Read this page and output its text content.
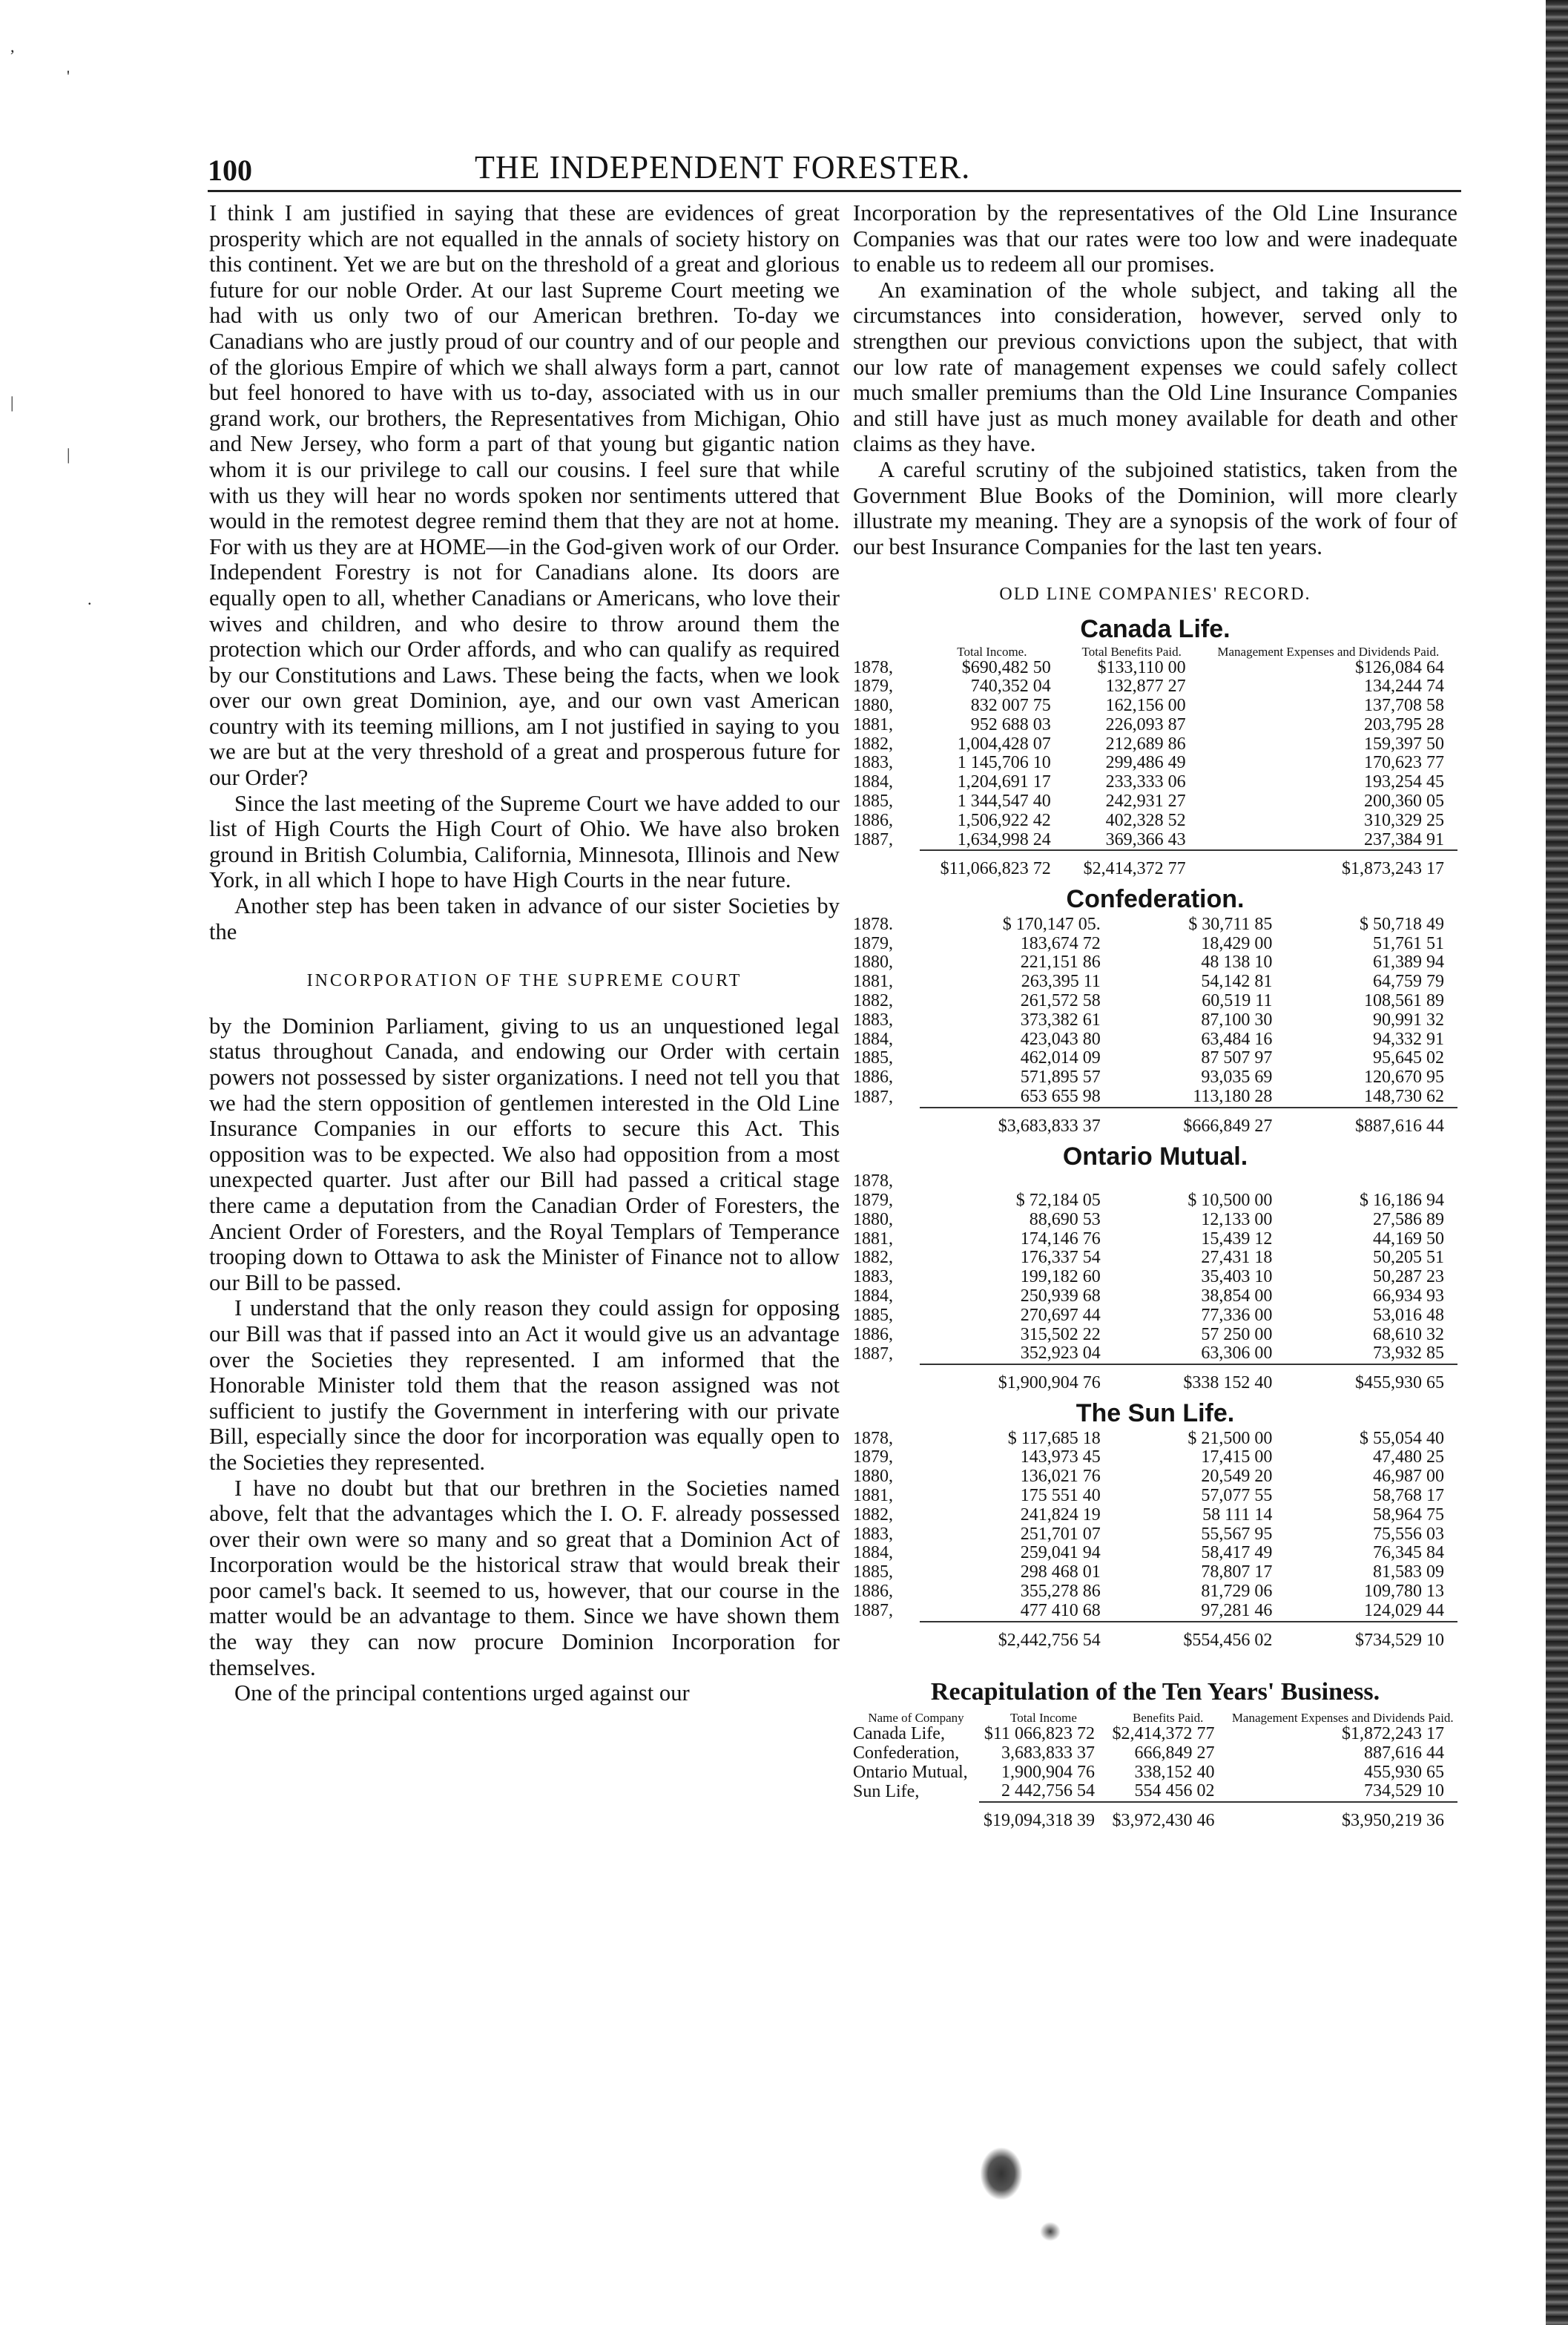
,
'
|
|
.
100	THE INDEPENDENT FORESTER.

I think I am justified in saying that these are evidences of great prosperity which are not equalled in the annals of society history on this continent. Yet we are but on the threshold of a great and glorious future for our noble Order. At our last Supreme Court meeting we had with us only two of our American brethren. To-day we Canadians who are justly proud of our country and of our people and of the glorious Empire of which we shall always form a part, cannot but feel honored to have with us to-day, associated with us in our grand work, our brothers, the Representatives from Michigan, Ohio and New Jersey, who form a part of that young but gigantic nation whom it is our privilege to call our cousins. I feel sure that while with us they will hear no words spoken nor sentiments uttered that would in the remotest degree remind them that they are not at home. For with us they are at HOME—in the God-given work of our Order. Independent Forestry is not for Canadians alone. Its doors are equally open to all, whether Canadians or Americans, who love their wives and children, and who desire to throw around them the protection which our Order affords, and who can qualify as required by our Constitutions and Laws. These being the facts, when we look over our own great Dominion, aye, and our own vast American country with its teeming millions, am I not justified in saying to you we are but at the very threshold of a great and prosperous future for our Order?

Since the last meeting of the Supreme Court we have added to our list of High Courts the High Court of Ohio. We have also broken ground in British Columbia, California, Minnesota, Illinois and New York, in all which I hope to have High Courts in the near future.

Another step has been taken in advance of our sister Societies by the

INCORPORATION OF THE SUPREME COURT

by the Dominion Parliament, giving to us an unquestioned legal status throughout Canada, and endowing our Order with certain powers not possessed by sister organizations. I need not tell you that we had the stern opposition of gentlemen interested in the Old Line Insurance Companies in our efforts to secure this Act. This opposition was to be expected. We also had opposition from a most unexpected quarter. Just after our Bill had passed a critical stage there came a deputation from the Canadian Order of Foresters, the Ancient Order of Foresters, and the Royal Templars of Temperance trooping down to Ottawa to ask the Minister of Finance not to allow our Bill to be passed.

I understand that the only reason they could assign for opposing our Bill was that if passed into an Act it would give us an advantage over the Societies they represented. I am informed that the Honorable Minister told them that the reason assigned was not sufficient to justify the Government in interfering with our private Bill, especially since the door for incorporation was equally open to the Societies they represented.

I have no doubt but that our brethren in the Societies named above, felt that the advantages which the I. O. F. already possessed over their own were so many and so great that a Dominion Act of Incorporation would be the historical straw that would break their poor camel's back. It seemed to us, however, that our course in the matter would be an advantage to them. Since we have shown them the way they can now procure Dominion Incorporation for themselves.

One of the principal contentions urged against our

Incorporation by the representatives of the Old Line Insurance Companies was that our rates were too low and were inadequate to enable us to redeem all our promises.

An examination of the whole subject, and taking all the circumstances into consideration, however, served only to strengthen our previous convictions upon the subject, that with our low rate of management expenses we could safely collect much smaller premiums than the Old Line Insurance Companies and still have just as much money available for death and other claims as they have.

A careful scrutiny of the subjoined statistics, taken from the Government Blue Books of the Dominion, will more clearly illustrate my meaning. They are a synopsis of the work of four of our best Insurance Companies for the last ten years.

OLD LINE COMPANIES' RECORD.
Canada Life.
	Total Income.	Total Benefits Paid.	Management Expenses and Dividends Paid.
1878,	$690,482 50	$133,110 00	$126,084 64
1879,	740,352 04	132,877 27	134,244 74
1880,	832 007 75	162,156 00	137,708 58
1881,	952 688 03	226,093 87	203,795 28
1882,	1,004,428 07	212,689 86	159,397 50
1883,	1 145,706 10	299,486 49	170,623 77
1884,	1,204,691 17	233,333 06	193,254 45
1885,	1 344,547 40	242,931 27	200,360 05
1886,	1,506,922 42	402,328 52	310,329 25
1887,	1,634,998 24	369,366 43	237,384 91
	$11,066,823 72	$2,414,372 77	$1,873,243 17
Confederation.
1878.	$ 170,147 05.	$ 30,711 85	$ 50,718 49
1879,	183,674 72	18,429 00	51,761 51
1880,	221,151 86	48 138 10	61,389 94
1881,	263,395 11	54,142 81	64,759 79
1882,	261,572 58	60,519 11	108,561 89
1883,	373,382 61	87,100 30	90,991 32
1884,	423,043 80	63,484 16	94,332 91
1885,	462,014 09	87 507 97	95,645 02
1886,	571,895 57	93,035 69	120,670 95
1887,	653 655 98	113,180 28	148,730 62
	$3,683,833 37	$666,849 27	$887,616 44
Ontario Mutual.
1878,			
1879,	$ 72,184 05	$ 10,500 00	$ 16,186 94
1880,	88,690 53	12,133 00	27,586 89
1881,	174,146 76	15,439 12	44,169 50
1882,	176,337 54	27,431 18	50,205 51
1883,	199,182 60	35,403 10	50,287 23
1884,	250,939 68	38,854 00	66,934 93
1885,	270,697 44	77,336 00	53,016 48
1886,	315,502 22	57 250 00	68,610 32
1887,	352,923 04	63,306 00	73,932 85
	$1,900,904 76	$338 152 40	$455,930 65
The Sun Life.
1878,	$ 117,685 18	$ 21,500 00	$ 55,054 40
1879,	143,973 45	17,415 00	47,480 25
1880,	136,021 76	20,549 20	46,987 00
1881,	175 551 40	57,077 55	58,768 17
1882,	241,824 19	58 111 14	58,964 75
1883,	251,701 07	55,567 95	75,556 03
1884,	259,041 94	58,417 49	76,345 84
1885,	298 468 01	78,807 17	81,583 09
1886,	355,278 86	81,729 06	109,780 13
1887,	477 410 68	97,281 46	124,029 44
	$2,442,756 54	$554,456 02	$734,529 10
Recapitulation of the Ten Years' Business.
Name of Company	Total Income	Benefits Paid.	Management Expenses and Dividends Paid.
Canada Life,	$11 066,823 72	$2,414,372 77	$1,872,243 17
Confederation,	3,683,833 37	666,849 27	887,616 44
Ontario Mutual,	1,900,904 76	338,152 40	455,930 65
Sun Life,	2 442,756 54	554 456 02	734,529 10
	$19,094,318 39	$3,972,430 46	$3,950,219 36
